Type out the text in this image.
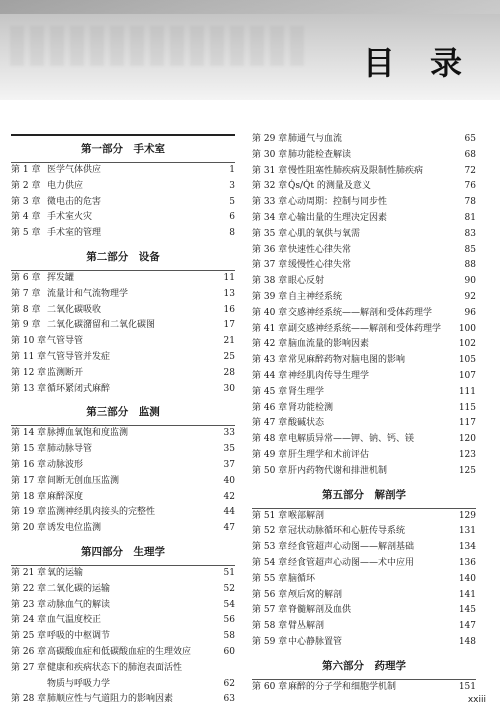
目 录
第一部分　手术室
第 1 章 医学气体供应	1
第 2 章 电力供应	3
第 3 章 微电击的危害	5
第 4 章 手术室火灾	6
第 5 章 手术室的管理	8
第二部分　设备
第 6 章 挥发罐	11
第 7 章 流量计和气流物理学	13
第 8 章 二氧化碳吸收	16
第 9 章 二氧化碳潴留和二氧化碳图	17
第 10 章 气管导管	21
第 11 章 气管导管并发症	25
第 12 章 监测断开	28
第 13 章 循环紧闭式麻醉	30
第三部分　监测
第 14 章 脉搏血氧饱和度监测	33
第 15 章 肺动脉导管	35
第 16 章 动脉波形	37
第 17 章 间断无创血压监测	40
第 18 章 麻醉深度	42
第 19 章 监测神经肌肉接头的完整性	44
第 20 章 诱发电位监测	47
第四部分　生理学
第 21 章 氧的运输	51
第 22 章 二氧化碳的运输	52
第 23 章 动脉血气的解读	54
第 24 章 血气温度校正	56
第 25 章 呼吸的中枢调节	58
第 26 章 高碳酸血症和低碳酸血症的生理效应	60
第 27 章 健康和疾病状态下的肺泡表面活性
物质与呼吸力学	62
第 28 章 肺顺应性与气道阻力的影响因素	63
第 29 章 肺通气与血流	65
第 30 章 肺功能检查解读	68
第 31 章 慢性阻塞性肺疾病及限制性肺疾病	72
第 32 章 Q̇s/Q̇t 的测量及意义	76
第 33 章 心动周期：控制与同步性	78
第 34 章 心输出量的生理决定因素	81
第 35 章 心肌的氧供与氧需	83
第 36 章 快速性心律失常	85
第 37 章 缓慢性心律失常	88
第 38 章 眼心反射	90
第 39 章 自主神经系统	92
第 40 章 交感神经系统——解剖和受体药理学	96
第 41 章 副交感神经系统——解剖和受体药理学	100
第 42 章 脑血流量的影响因素	102
第 43 章 常见麻醉药物对脑电图的影响	105
第 44 章 神经肌肉传导生理学	107
第 45 章 肾生理学	111
第 46 章 肾功能检测	115
第 47 章 酸碱状态	117
第 48 章 电解质异常——钾、钠、钙、镁	120
第 49 章 肝生理学和术前评估	123
第 50 章 肝内药物代谢和排泄机制	125
第五部分　解剖学
第 51 章 喉部解剖	129
第 52 章 冠状动脉循环和心脏传导系统	131
第 53 章 经食管超声心动图——解剖基础	134
第 54 章 经食管超声心动图——术中应用	136
第 55 章 脑循环	140
第 56 章 颅后窝的解剖	141
第 57 章 脊髓解剖及血供	145
第 58 章 臂丛解剖	147
第 59 章 中心静脉置管	148
第六部分　药理学
第 60 章 麻醉的分子学和细胞学机制	151
xxiii
